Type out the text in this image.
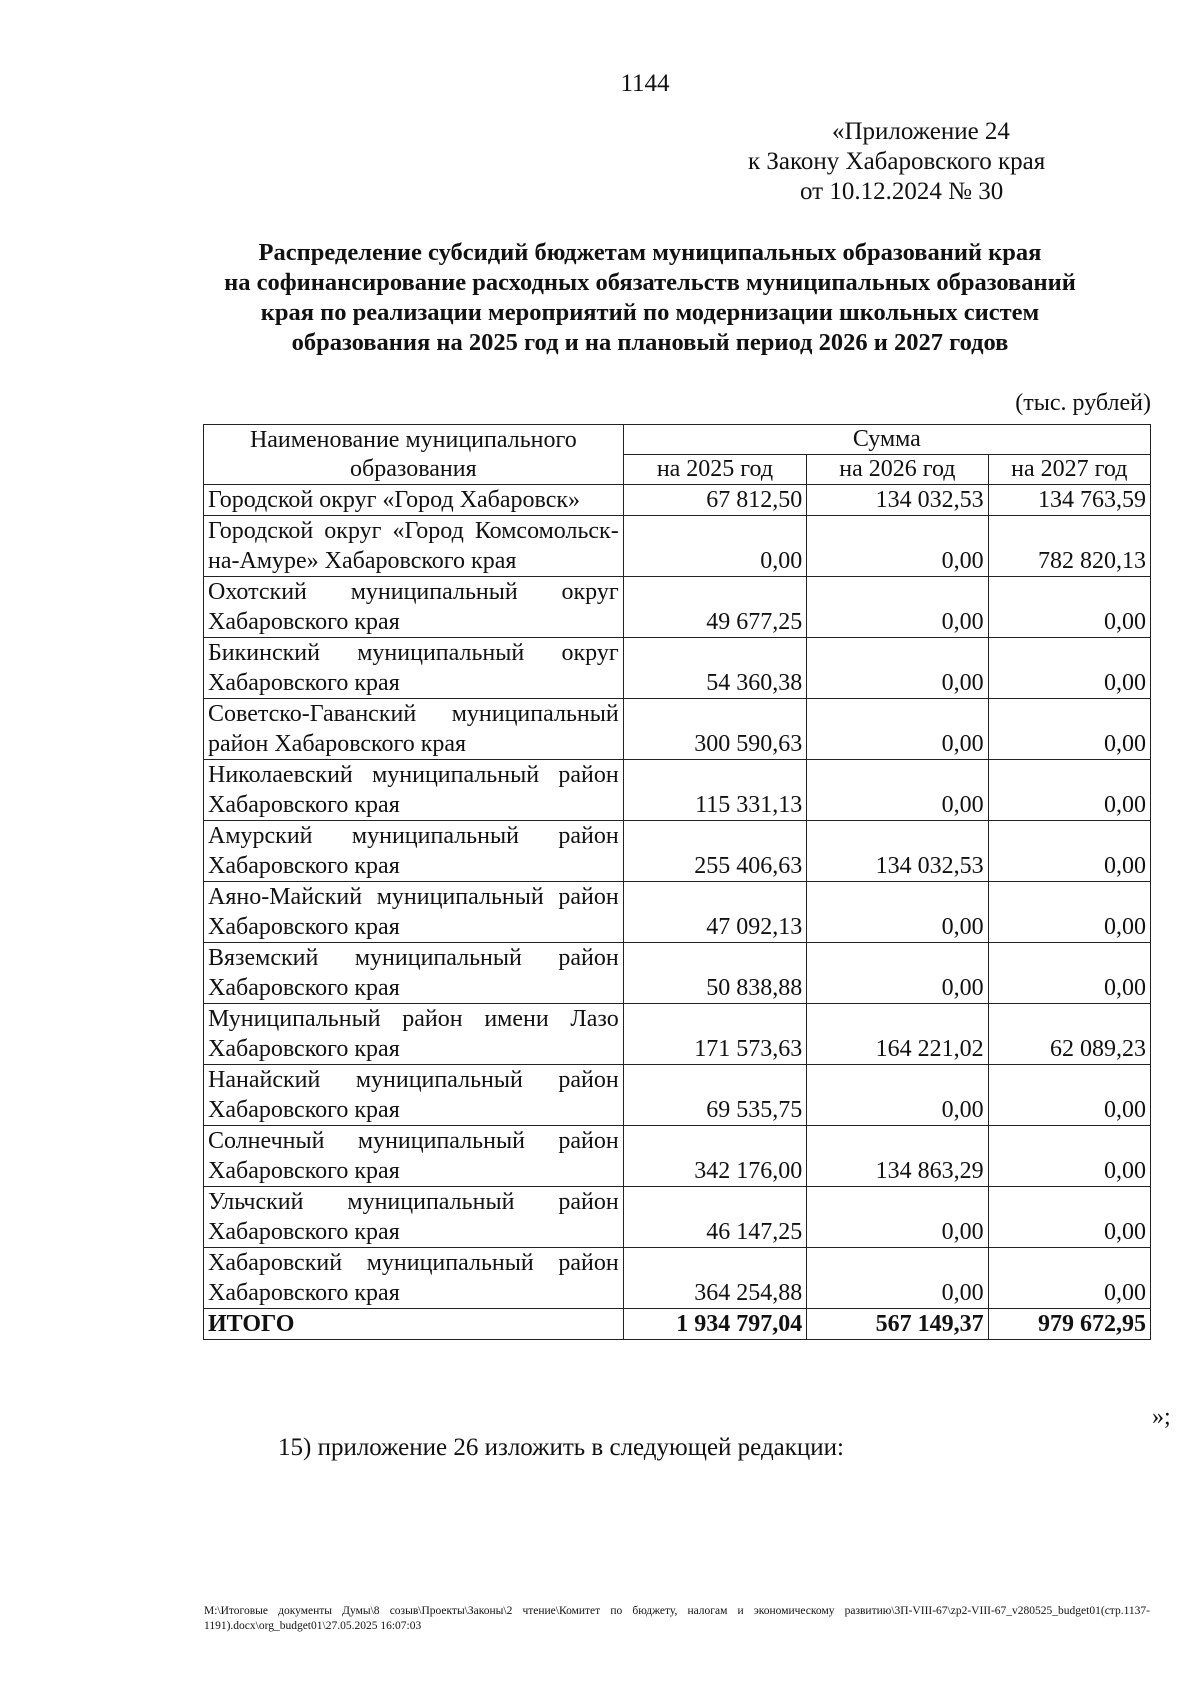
1144
«Приложение 24
к Закону Хабаровского края
от 10.12.2024 № 30
Распределение субсидий бюджетам муниципальных образований края
на софинансирование расходных обязательств муниципальных образований
края по реализации мероприятий по модернизации школьных систем
образования на 2025 год и на плановый период 2026 и 2027 годов
(тыс. рублей)
Наименование муниципального образования	Сумма		
	на 2025 год	на 2026 год	на 2027 год
Городской округ «Город Хабаровск»	67 812,50	134 032,53	134 763,59
Городской округ «Город Комсомольск-на-Амуре» Хабаровского края	0,00	0,00	782 820,13
Охотский муниципальный округ Хабаровского края	49 677,25	0,00	0,00
Бикинский муниципальный округ Хабаровского края	54 360,38	0,00	0,00
Советско-Гаванский муниципальный район Хабаровского края	300 590,63	0,00	0,00
Николаевский муниципальный район Хабаровского края	115 331,13	0,00	0,00
Амурский муниципальный район Хабаровского края	255 406,63	134 032,53	0,00
Аяно-Майский муниципальный район Хабаровского края	47 092,13	0,00	0,00
Вяземский муниципальный район Хабаровского края	50 838,88	0,00	0,00
Муниципальный район имени Лазо Хабаровского края	171 573,63	164 221,02	62 089,23
Нанайский муниципальный район Хабаровского края	69 535,75	0,00	0,00
Солнечный муниципальный район Хабаровского края	342 176,00	134 863,29	0,00
Ульчский муниципальный район Хабаровского края	46 147,25	0,00	0,00
Хабаровский муниципальный район Хабаровского края	364 254,88	0,00	0,00
ИТОГО	1 934 797,04	567 149,37	979 672,95
»;
15) приложение 26 изложить в следующей редакции:
M:\Итоговые документы Думы\8 созыв\Проекты\Законы\2 чтение\Комитет по бюджету, налогам и экономическому развитию\3П-VIII-67\zp2-VIII-67_v280525_budget01(стр.1137-1191).docx\org_budget01\27.05.2025 16:07:03
